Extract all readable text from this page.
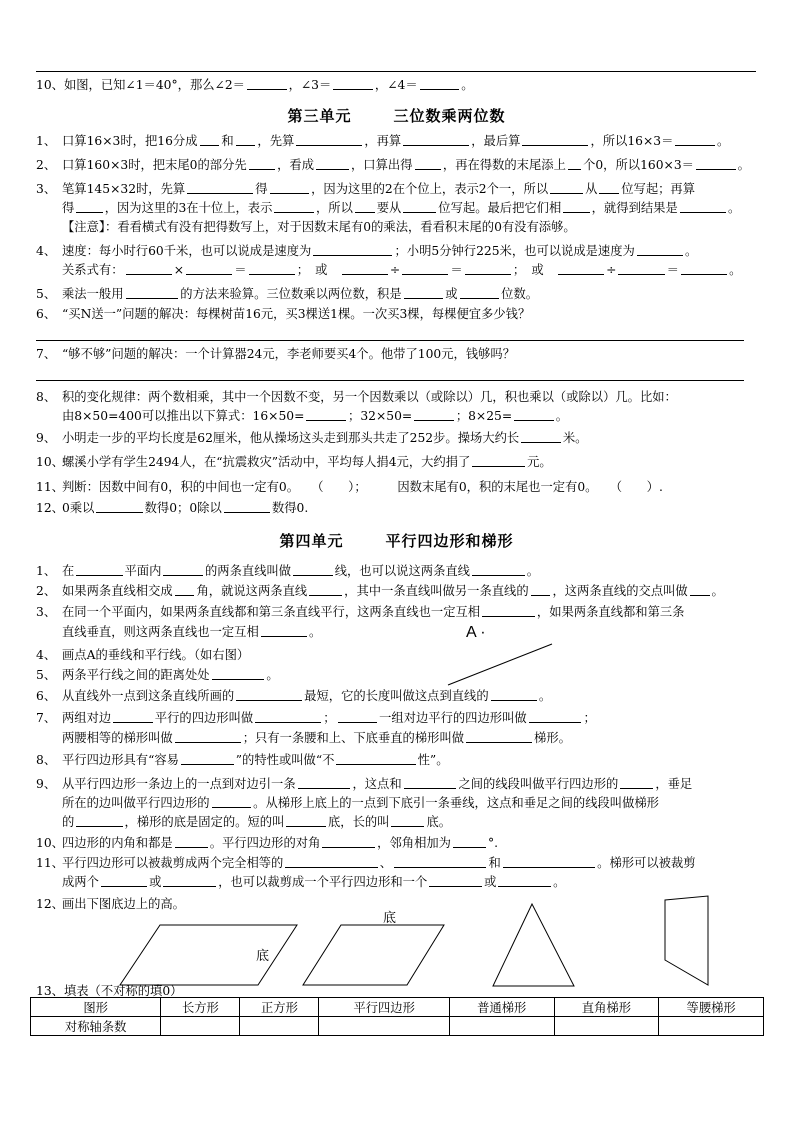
10、如图，已知∠1＝40°，那么∠2＝	，∠3＝	，∠4＝	。
第三单元	三位数乘两位数
1、 口算16×3时，把16分成 和 ，先算	，再算	，最后算	，所以16×3＝	。
2、 口算160×3时，把末尾0的部分先 ，看成	，口算出得 ，再在得数的末尾添上 个0，所以160×3＝	。
3、 笔算145×32时，先算	得	，因为这里的2在个位上，表示2个一，所以	从 位写起；再算
得 ，因为这里的3在十位上，表示	，所以 要从	位写起。最后把它们相 ，就得到结果是	。
【注意】：看看横式有没有把得数写上，对于因数末尾有0的乘法，看看积末尾的0有没有添够。
4、 速度：每小时行60千米，也可以说成是速度为	；小明5分钟行225米，也可以说成是速度为	。
关系式有：	×	＝	；　或　	÷	＝	；　或　	÷	＝	。
5、 乘法一般用	的方法来验算。三位数乘以两位数，积是	或	位数。
6、 “买N送一”问题的解决：每棵树苗16元，买3棵送1棵。一次买3棵，每棵便宜多少钱？
7、 “够不够”问题的解决：一个计算器24元，李老师要买4个。他带了100元，钱够吗？
8、 积的变化规律：两个数相乘，其中一个因数不变，另一个因数乘以（或除以）几，积也乘以（或除以）几。比如：
由8×50=400可以推出以下算式：16×50=	；32×50=	；8×25=	。
9、 小明走一步的平均长度是62厘米，他从操场这头走到那头共走了252步。操场大约长	米。
10、螺溪小学有学生2494人，在“抗震救灾”活动中，平均每人捐4元，大约捐了	元。
11、判断：因数中间有0，积的中间也一定有0。　　（　　）；　　　因数末尾有0，积的末尾也一定有0。　　（　　）.
12、0乘以	数得0；0除以	数得0.
第四单元	平行四边形和梯形
1、 在	平面内	的两条直线叫做	线，也可以说这两条直线	。
2、 如果两条直线相交成 角，就说这两条直线	，其中一条直线叫做另一条直线的 ，这两条直线的交点叫做 。
3、 在同一个平面内，如果两条直线都和第三条直线平行，这两条直线也一定互相	，如果两条直线都和第三条
直线垂直，则这两条直线也一定互相	。
4、 画点A的垂线和平行线。（如右图）
5、 两条平行线之间的距离处处	。
6、 从直线外一点到这条直线所画的	最短，它的长度叫做这点到直线的	。
7、 两组对边	平行的四边形叫做	；	一组对边平行的四边形叫做	；
两腰相等的梯形叫做	；只有一条腰和上、下底垂直的梯形叫做	梯形。
8、 平行四边形具有“容易	”的特性或叫做“不	性”。
9、 从平行四边形一条边上的一点到对边引一条	，这点和	之间的线段叫做平行四边形的	，垂足
所在的边叫做平行四边形的	。从梯形上底上的一点到下底引一条垂线，这点和垂足之间的线段叫做梯形
的	，梯形的底是固定的。短的叫	底，长的叫	底。
10、四边形的内角和都是	。平行四边形的对角	，邻角相加为	°.
11、平行四边形可以被裁剪成两个完全相等的	、	和	。梯形可以被裁剪
成两个	或	，也可以裁剪成一个平行四边形和一个	或	。
12、画出下图底边上的高。
A ·
底
底
13、填表（不对称的填0）
图形	长方形	正方形	平行四边形	普通梯形	直角梯形	等腰梯形
对称轴条数						
